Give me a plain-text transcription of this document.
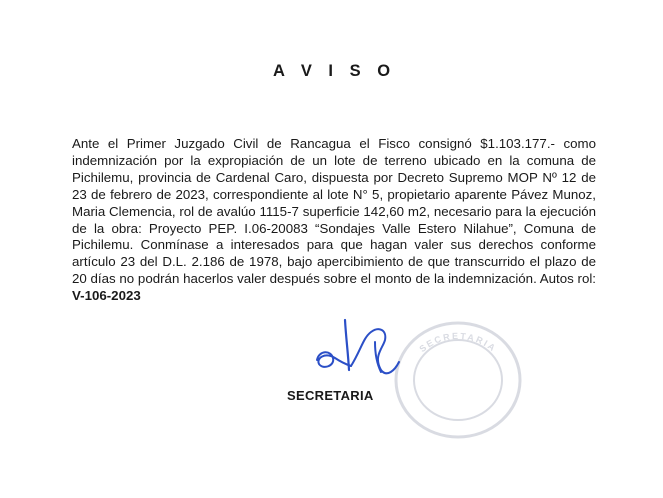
A V I S O
Ante el Primer Juzgado Civil de Rancagua el Fisco consignó $1.103.177.- como indemnización por la expropiación de un lote de terreno ubicado en la comuna de Pichilemu, provincia de Cardenal Caro, dispuesta por Decreto Supremo MOP Nº 12 de 23 de febrero de 2023, correspondiente al lote N° 5, propietario aparente Pávez Munoz, Maria Clemencia, rol de avalúo 1115-7 superficie 142,60 m2, necesario para la ejecución de la obra: Proyecto PEP. I.06-20083 “Sondajes Valle Estero Nilahue”, Comuna de Pichilemu. Conmínase a interesados para que hagan valer sus derechos conforme artículo 23 del D.L. 2.186 de 1978, bajo apercibimiento de que transcurrido el plazo de 20 días no podrán hacerlos valer después sobre el monto de la indemnización. Autos rol: V-106-2023
SECRETARIA
SECRETARIA
